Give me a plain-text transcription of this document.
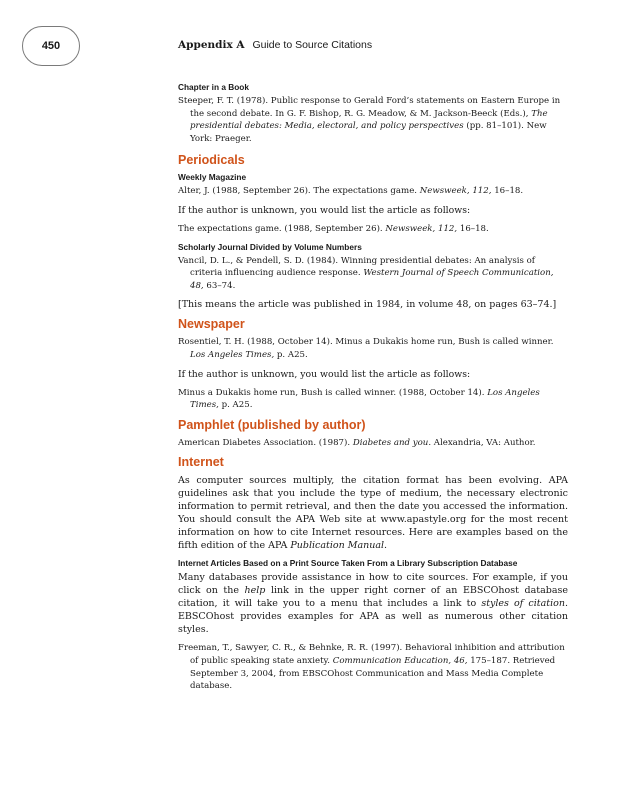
450	Appendix A Guide to Source Citations
Chapter in a Book

Steeper, F. T. (1978). Public response to Gerald Ford’s statements on Eastern Europe in the second debate. In G. F. Bishop, R. G. Meadow, & M. Jackson-Beeck (Eds.), The presidential debates: Media, electoral, and policy perspectives (pp. 81–101). New York: Praeger.

Periodicals
Weekly Magazine

Alter, J. (1988, September 26). The expectations game. Newsweek, 112, 16–18.

If the author is unknown, you would list the article as follows:

The expectations game. (1988, September 26). Newsweek, 112, 16–18.

Scholarly Journal Divided by Volume Numbers

Vancil, D. L., & Pendell, S. D. (1984). Winning presidential debates: An analysis of criteria influencing audience response. Western Journal of Speech Communication, 48, 63–74.

[This means the article was published in 1984, in volume 48, on pages 63–74.]

Newspaper

Rosentiel, T. H. (1988, October 14). Minus a Dukakis home run, Bush is called winner. Los Angeles Times, p. A25.

If the author is unknown, you would list the article as follows:

Minus a Dukakis home run, Bush is called winner. (1988, October 14). Los Angeles Times, p. A25.

Pamphlet (published by author)

American Diabetes Association. (1987). Diabetes and you. Alexandria, VA: Author.

Internet

As computer sources multiply, the citation format has been evolving. APA guidelines ask that you include the type of medium, the necessary electronic information to permit retrieval, and then the date you accessed the information. You should consult the APA Web site at www.apastyle.org for the most recent information on how to cite Internet resources. Here are examples based on the fifth edition of the APA Publication Manual.

Internet Articles Based on a Print Source Taken From a Library Subscription Database

Many databases provide assistance in how to cite sources. For example, if you click on the help link in the upper right corner of an EBSCOhost database citation, it will take you to a menu that includes a link to styles of citation. EBSCOhost provides examples for APA as well as numerous other citation styles.

Freeman, T., Sawyer, C. R., & Behnke, R. R. (1997). Behavioral inhibition and attribution of public speaking state anxiety. Communication Education, 46, 175–187. Retrieved September 3, 2004, from EBSCOhost Communication and Mass Media Complete database.
